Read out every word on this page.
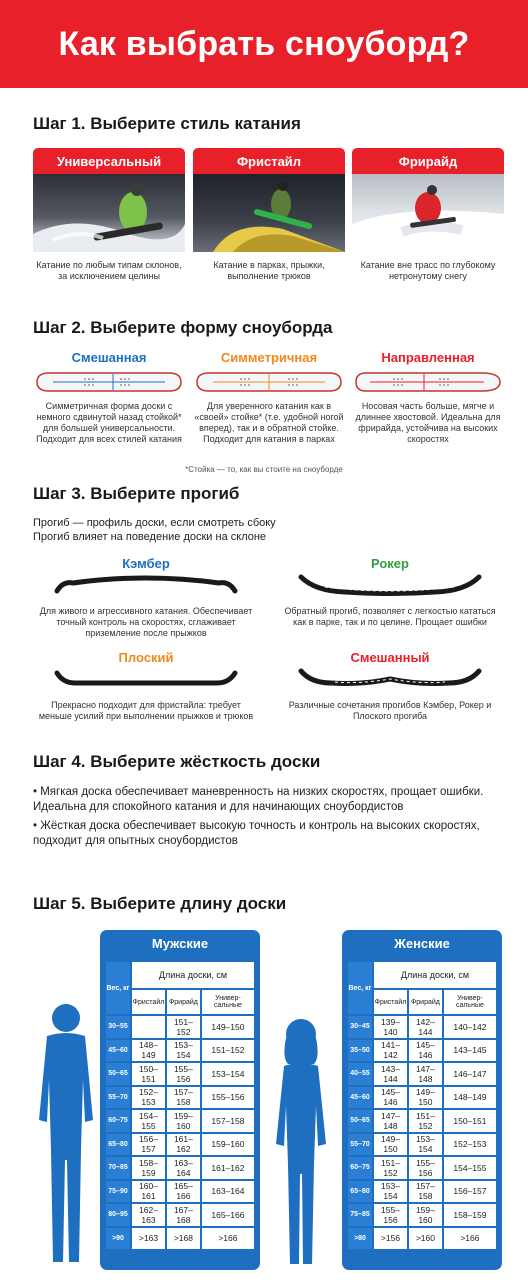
Как выбрать сноуборд?
Шаг 1. Выберите стиль катания
Универсальный
Катание по любым типам склонов, за исключением целины
Фристайл
Катание в парках, прыжки, выполнение трюков
Фрирайд
Катание вне трасс по глубокому нетронутому снегу
Шаг 2. Выберите форму сноуборда
Смешанная
Симметричная форма доски с немного сдвинутой назад стойкой* для большей универсальности. Подходит для всех стилей катания
Симметричная
Для уверенного катания как в «своей» стойке* (т.е. удобной ногой вперед), так и в обратной стойке. Подходит для катания в парках
Направленная
Носовая часть больше, мягче и длиннее хвостовой. Идеальна для фрирайда, устойчива на высоких скоростях
*Стойка — то, как вы стоите на сноуборде
Шаг 3. Выберите прогиб
Прогиб — профиль доски, если смотреть сбоку
Прогиб влияет на поведение доски на склоне
Кэмбер
Для живого и агрессивного катания. Обеспечивает точный контроль на скоростях, сглаживает приземление после прыжков
Рокер
Обратный прогиб, позволяет с легкостью кататься как в парке, так и по целине. Прощает ошибки
Плоский
Прекрасно подходит для фристайла: требует меньше усилий при выполнении прыжков и трюков
Смешанный
Различные сочетания прогибов Кэмбер, Рокер и Плоского прогиба
Шаг 4. Выберите жёсткость доски

• Мягкая доска обеспечивает маневренность на низких скоростях, прощает ошибки. Идеальна для спокойного катания и для начинающих сноубордистов

• Жёсткая доска обеспечивает высокую точность и контроль на высоких скоростях, подходит для опытных сноубордистов

Шаг 5. Выберите длину доски
Мужские
Вес, кг	Длина доски, см		
	Фристайл	Фрирайд	Универ-сальные
30–55		151–152	149–150
45–60	148–149	153–154	151–152
50–65	150–151	155–156	153–154
55–70	152–153	157–158	155–156
60–75	154–155	159–160	157–158
65–80	156–157	161–162	159–160
70–85	158–159	163–164	161–162
75–90	160–161	165–166	163–164
80–95	162–163	167–168	165–166
>90	>163	>168	>166
Женские
Вес, кг	Длина доски, см		
	Фристайл	Фрирайд	Универ-сальные
30–45	139–140	142–144	140–142
35–50	141–142	145–146	143–145
40–55	143–144	147–148	146–147
45–60	145–146	149–150	148–149
50–65	147–148	151–152	150–151
55–70	149–150	153–154	152–153
60–75	151–152	155–156	154–155
65–80	153–154	157–158	156–157
75–85	155–156	159–160	158–159
>80	>156	>160	>166
